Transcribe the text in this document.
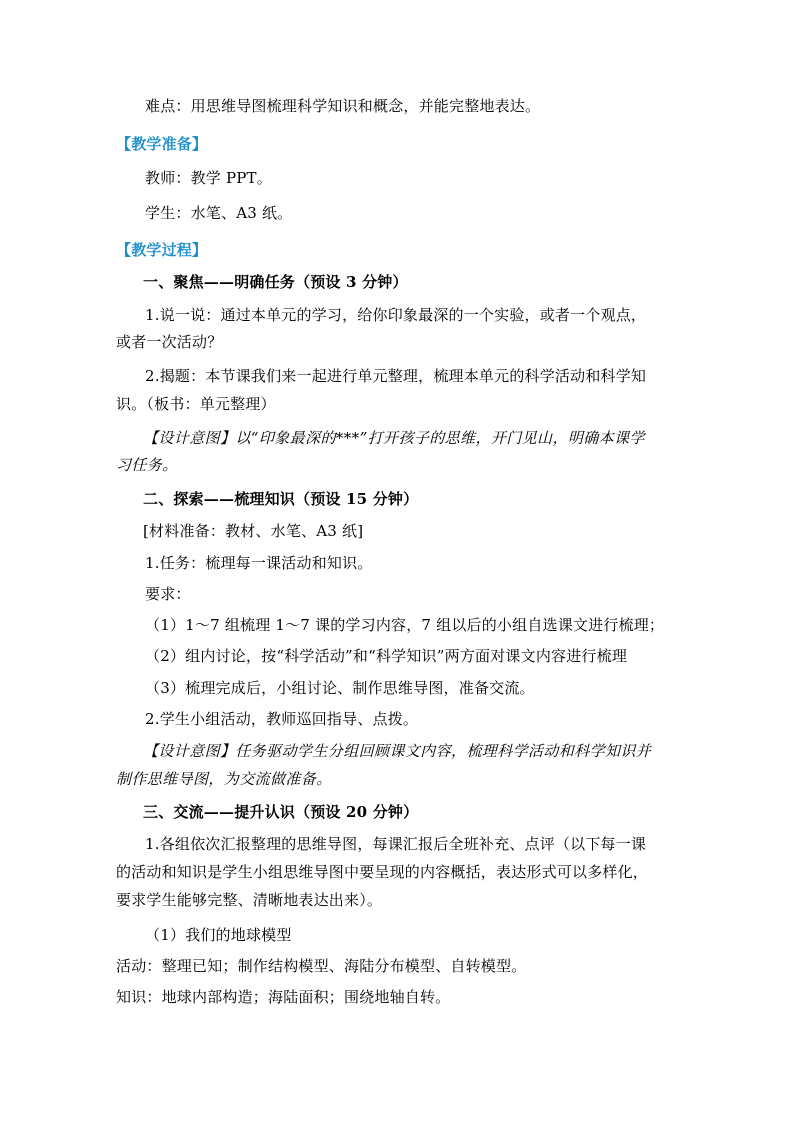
难点：用思维导图梳理科学知识和概念，并能完整地表达。
【教学准备】
教师：教学 PPT。
学生：水笔、A3 纸。
【教学过程】
一、聚焦——明确任务（预设 3 分钟）
1.说一说：通过本单元的学习，给你印象最深的一个实验，或者一个观点，
或者一次活动？
2.揭题：本节课我们来一起进行单元整理，梳理本单元的科学活动和科学知
识。（板书：单元整理）
【设计意图】以“印象最深的***”打开孩子的思维，开门见山，明确本课学
习任务。
二、探索——梳理知识（预设 15 分钟）
[材料准备：教材、水笔、A3 纸]
1.任务：梳理每一课活动和知识。
要求：
（1）1～7 组梳理 1～7 课的学习内容，7 组以后的小组自选课文进行梳理；
（2）组内讨论，按“科学活动”和“科学知识”两方面对课文内容进行梳理
（3）梳理完成后，小组讨论、制作思维导图，准备交流。
2.学生小组活动，教师巡回指导、点拨。
【设计意图】任务驱动学生分组回顾课文内容，梳理科学活动和科学知识并
制作思维导图，为交流做准备。
三、交流——提升认识（预设 20 分钟）
1.各组依次汇报整理的思维导图，每课汇报后全班补充、点评（以下每一课
的活动和知识是学生小组思维导图中要呈现的内容概括，表达形式可以多样化，
要求学生能够完整、清晰地表达出来）。
（1）我们的地球模型
活动：整理已知；制作结构模型、海陆分布模型、自转模型。
知识：地球内部构造；海陆面积；围绕地轴自转。
